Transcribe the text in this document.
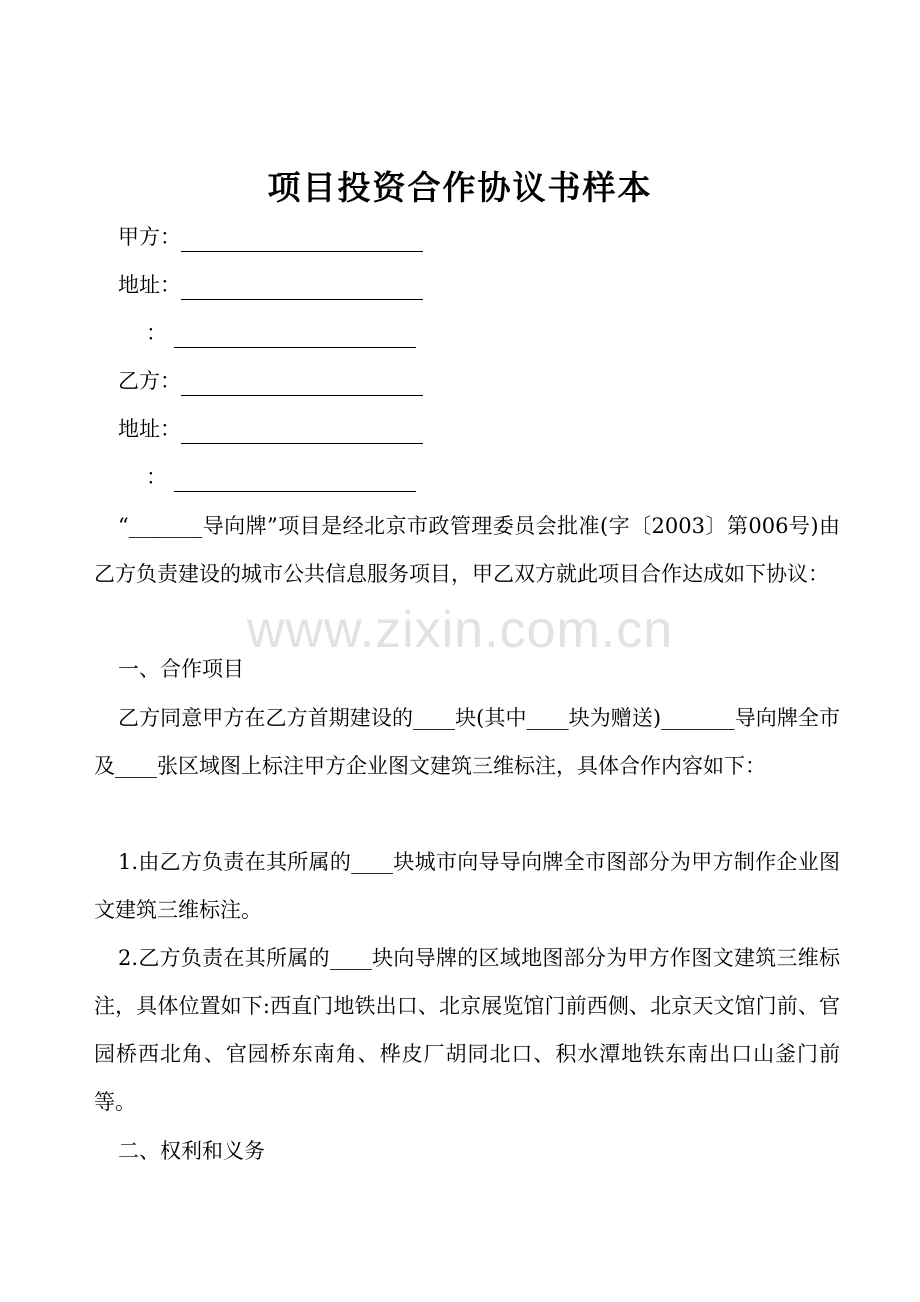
项目投资合作协议书样本
甲方：
地址：
：
乙方：
地址：
：
“_______导向牌”项目是经北京市政管理委员会批准(字〔2003〕第006号)由乙方负责建设的城市公共信息服务项目，甲乙双方就此项目合作达成如下协议：
一、合作项目
乙方同意甲方在乙方首期建设的____块(其中____块为赠送)_______导向牌全市及____张区域图上标注甲方企业图文建筑三维标注，具体合作内容如下：
1.由乙方负责在其所属的____块城市向导导向牌全市图部分为甲方制作企业图文建筑三维标注。
2.乙方负责在其所属的____块向导牌的区域地图部分为甲方作图文建筑三维标注，具体位置如下:西直门地铁出口、北京展览馆门前西侧、北京天文馆门前、官园桥西北角、官园桥东南角、桦皮厂胡同北口、积水潭地铁东南出口山釜门前等。
二、权利和义务
www.zixin.com.cn
